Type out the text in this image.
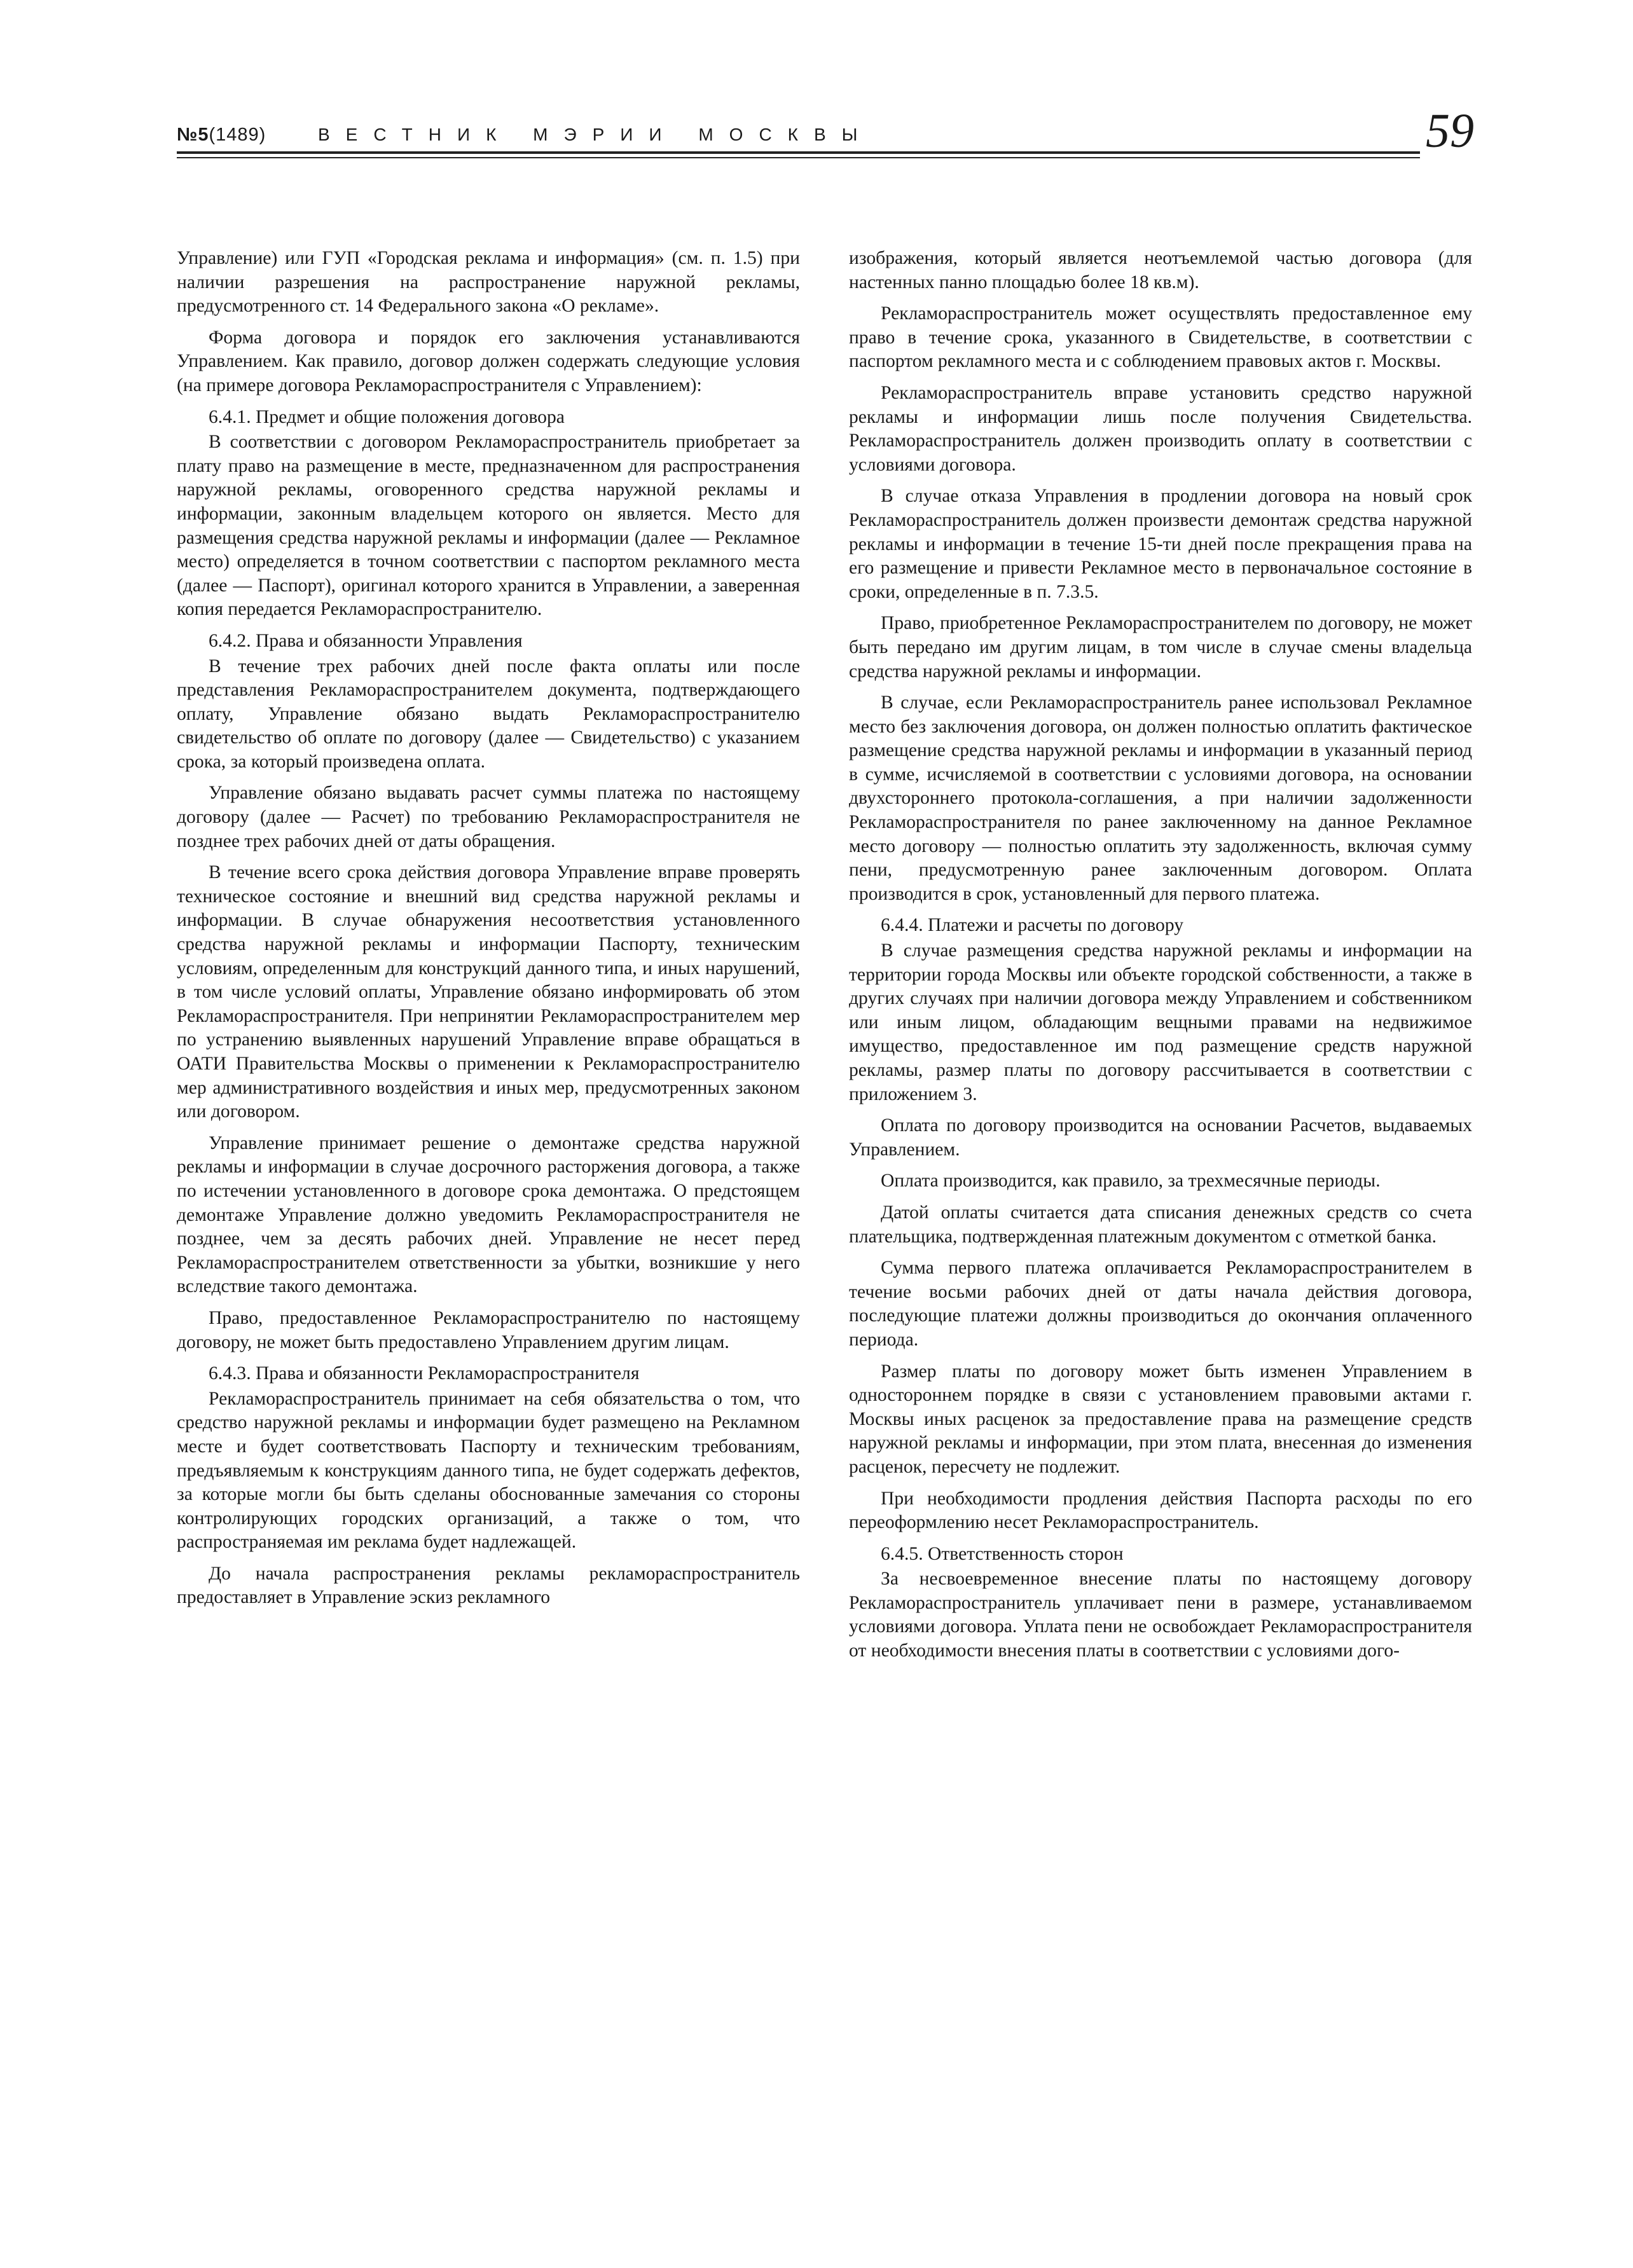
№5(1489)	ВЕСТНИК МЭРИИ МОСКВЫ	59

Управление) или ГУП «Городская реклама и информация» (см. п. 1.5) при наличии разрешения на распространение наружной рекламы, предусмотренного ст. 14 Федерального закона «О рекламе».

Форма договора и порядок его заключения устанавливаются Управлением. Как правило, договор должен содержать следующие условия (на примере договора Рекламораспространителя с Управлением):

6.4.1. Предмет и общие положения договора

В соответствии с договором Рекламораспространитель приобретает за плату право на размещение в месте, предназначенном для распространения наружной рекламы, оговоренного средства наружной рекламы и информации, законным владельцем которого он является. Место для размещения средства наружной рекламы и информации (далее — Рекламное место) определяется в точном соответствии с паспортом рекламного места (далее — Паспорт), оригинал которого хранится в Управлении, а заверенная копия передается Рекламораспространителю.

6.4.2. Права и обязанности Управления

В течение трех рабочих дней после факта оплаты или после представления Рекламораспространителем документа, подтверждающего оплату, Управление обязано выдать Рекламораспространителю свидетельство об оплате по договору (далее — Свидетельство) с указанием срока, за который произведена оплата.

Управление обязано выдавать расчет суммы платежа по настоящему договору (далее — Расчет) по требованию Рекламораспространителя не позднее трех рабочих дней от даты обращения.

В течение всего срока действия договора Управление вправе проверять техническое состояние и внешний вид средства наружной рекламы и информации. В случае обнаружения несоответствия установленного средства наружной рекламы и информации Паспорту, техническим условиям, определенным для конструкций данного типа, и иных нарушений, в том числе условий оплаты, Управление обязано информировать об этом Рекламораспространителя. При непринятии Рекламораспространителем мер по устранению выявленных нарушений Управление вправе обращаться в ОАТИ Правительства Москвы о применении к Рекламораспространителю мер административного воздействия и иных мер, предусмотренных законом или договором.

Управление принимает решение о демонтаже средства наружной рекламы и информации в случае досрочного расторжения договора, а также по истечении установленного в договоре срока демонтажа. О предстоящем демонтаже Управление должно уведомить Рекламораспространителя не позднее, чем за десять рабочих дней. Управление не несет перед Рекламораспространителем ответственности за убытки, возникшие у него вследствие такого демонтажа.

Право, предоставленное Рекламораспространителю по настоящему договору, не может быть предоставлено Управлением другим лицам.

6.4.3. Права и обязанности Рекламораспространителя

Рекламораспространитель принимает на себя обязательства о том, что средство наружной рекламы и информации будет размещено на Рекламном месте и будет соответствовать Паспорту и техническим требованиям, предъявляемым к конструкциям данного типа, не будет содержать дефектов, за которые могли бы быть сделаны обоснованные замечания со стороны контролирующих городских организаций, а также о том, что распространяемая им реклама будет надлежащей.

До начала распространения рекламы рекламораспространитель предоставляет в Управление эскиз рекламного

изображения, который является неотъемлемой частью договора (для настенных панно площадью более 18 кв.м).

Рекламораспространитель может осуществлять предоставленное ему право в течение срока, указанного в Свидетельстве, в соответствии с паспортом рекламного места и с соблюдением правовых актов г. Москвы.

Рекламораспространитель вправе установить средство наружной рекламы и информации лишь после получения Свидетельства. Рекламораспространитель должен производить оплату в соответствии с условиями договора.

В случае отказа Управления в продлении договора на новый срок Рекламораспространитель должен произвести демонтаж средства наружной рекламы и информации в течение 15-ти дней после прекращения права на его размещение и привести Рекламное место в первоначальное состояние в сроки, определенные в п. 7.3.5.

Право, приобретенное Рекламораспространителем по договору, не может быть передано им другим лицам, в том числе в случае смены владельца средства наружной рекламы и информации.

В случае, если Рекламораспространитель ранее использовал Рекламное место без заключения договора, он должен полностью оплатить фактическое размещение средства наружной рекламы и информации в указанный период в сумме, исчисляемой в соответствии с условиями договора, на основании двухстороннего протокола-соглашения, а при наличии задолженности Рекламораспространителя по ранее заключенному на данное Рекламное место договору — полностью оплатить эту задолженность, включая сумму пени, предусмотренную ранее заключенным договором. Оплата производится в срок, установленный для первого платежа.

6.4.4. Платежи и расчеты по договору

В случае размещения средства наружной рекламы и информации на территории города Москвы или объекте городской собственности, а также в других случаях при наличии договора между Управлением и собственником или иным лицом, обладающим вещными правами на недвижимое имущество, предоставленное им под размещение средств наружной рекламы, размер платы по договору рассчитывается в соответствии с приложением 3.

Оплата по договору производится на основании Расчетов, выдаваемых Управлением.

Оплата производится, как правило, за трехмесячные периоды.

Датой оплаты считается дата списания денежных средств со счета плательщика, подтвержденная платежным документом с отметкой банка.

Сумма первого платежа оплачивается Рекламораспространителем в течение восьми рабочих дней от даты начала действия договора, последующие платежи должны производиться до окончания оплаченного периода.

Размер платы по договору может быть изменен Управлением в одностороннем порядке в связи с установлением правовыми актами г. Москвы иных расценок за предоставление права на размещение средств наружной рекламы и информации, при этом плата, внесенная до изменения расценок, пересчету не подлежит.

При необходимости продления действия Паспорта расходы по его переоформлению несет Рекламораспространитель.

6.4.5. Ответственность сторон

За несвоевременное внесение платы по настоящему договору Рекламораспространитель уплачивает пени в размере, устанавливаемом условиями договора. Уплата пени не освобождает Рекламораспространителя от необходимости внесения платы в соответствии с условиями дого-
